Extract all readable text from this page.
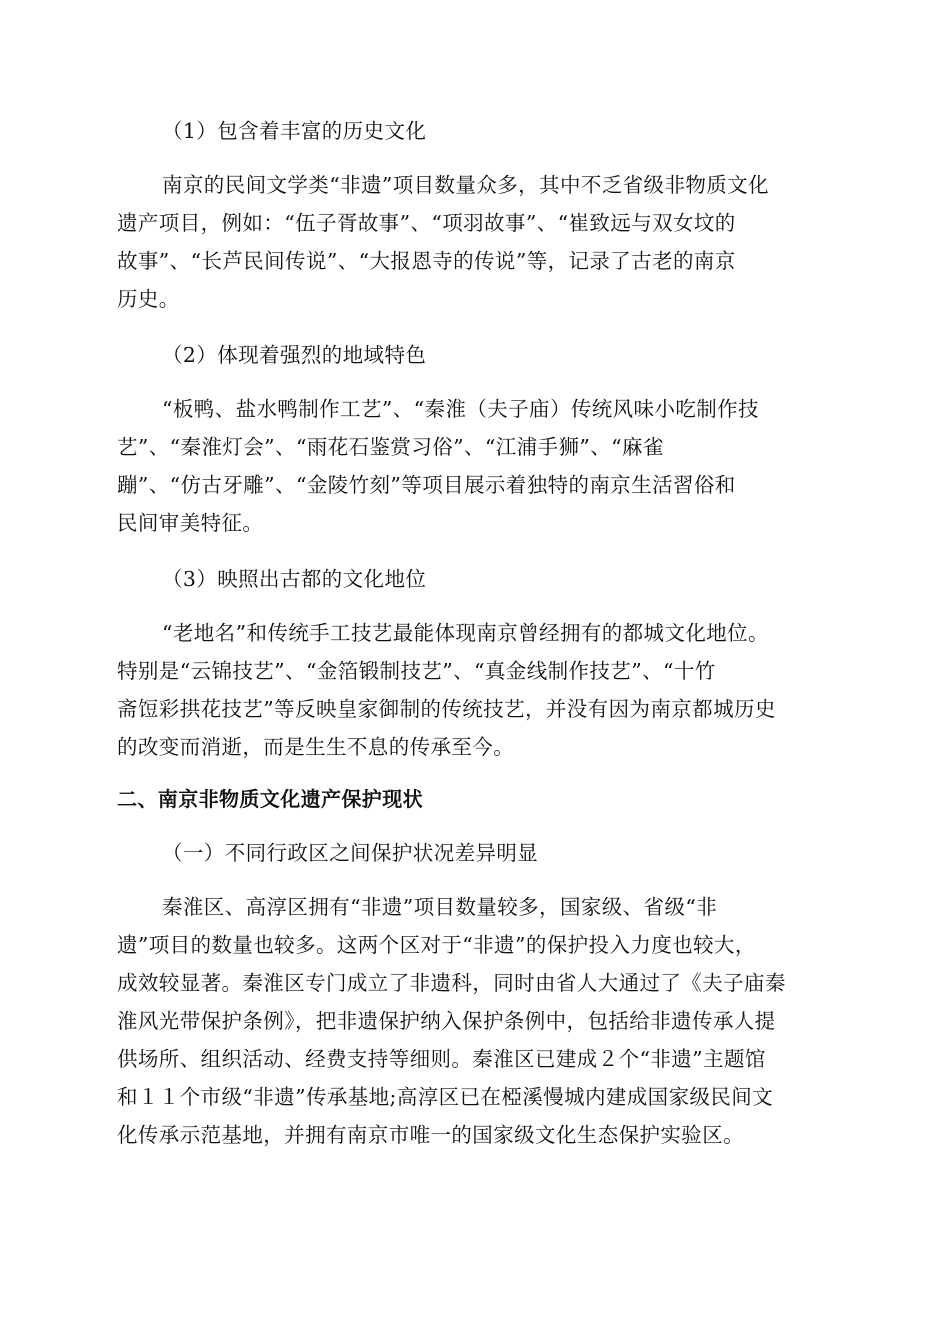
（1）包含着丰富的历史文化
南京的民间文学类“非遗”项目数量众多，其中不乏省级非物质文化
遗产项目，例如：“伍子胥故事”、“项羽故事”、“崔致远与双女坟的
故事”、“长芦民间传说”、“大报恩寺的传说”等，记录了古老的南京
历史。
（2）体现着强烈的地域特色
“板鸭、盐水鸭制作工艺”、“秦淮（夫子庙）传统风味小吃制作技
艺”、“秦淮灯会”、“雨花石鉴赏习俗”、“江浦手狮”、“麻雀
蹦”、“仿古牙雕”、“金陵竹刻”等项目展示着独特的南京生活習俗和
民间审美特征。
（3）映照出古都的文化地位
“老地名”和传统手工技艺最能体现南京曾经拥有的都城文化地位。
特别是“云锦技艺”、“金箔锻制技艺”、“真金线制作技艺”、“十竹
斋饾彩拱花技艺”等反映皇家御制的传统技艺，并没有因为南京都城历史
的改变而消逝，而是生生不息的传承至今。
二、南京非物质文化遗产保护现状
（一）不同行政区之间保护状况差异明显
秦淮区、高淳区拥有“非遗”项目数量较多，国家级、省级“非
遗”项目的数量也较多。这两个区对于“非遗”的保护投入力度也较大，
成效较显著。秦淮区专门成立了非遗科，同时由省人大通过了《夫子庙秦
淮风光带保护条例》，把非遗保护纳入保护条例中，包括给非遗传承人提
供场所、组织活动、经费支持等细则。秦淮区已建成２个“非遗”主题馆
和１１个市级“非遗”传承基地;高淳区已在椏溪慢城内建成国家级民间文
化传承示范基地，并拥有南京市唯一的国家级文化生态保护实验区。
